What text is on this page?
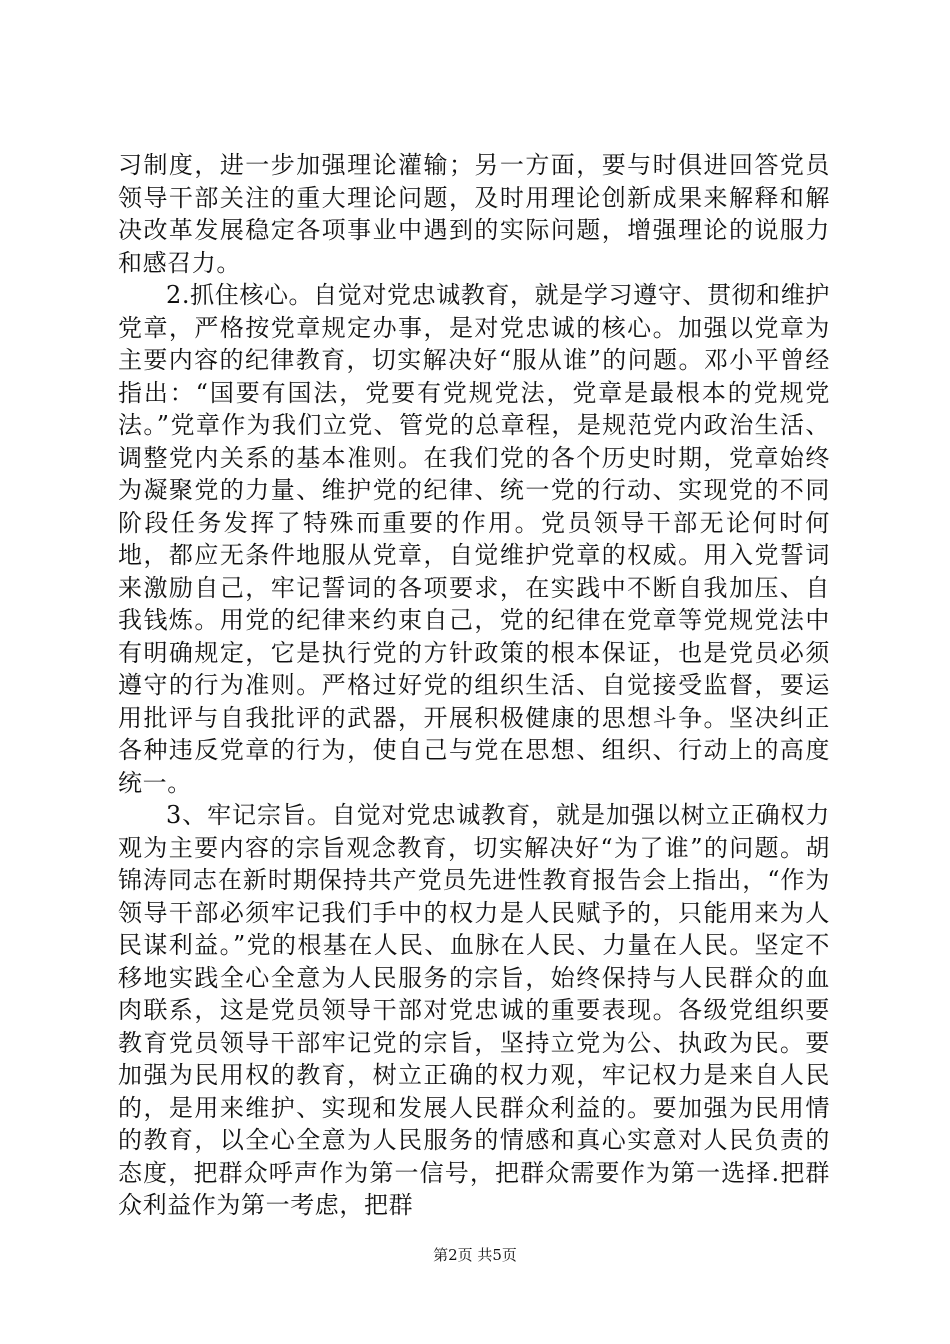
习制度，进一步加强理论灌输；另一方面，要与时俱进回答党员领导干部关注的重大理论问题，及时用理论创新成果来解释和解决改革发展稳定各项事业中遇到的实际问题，增强理论的说服力和感召力。

2.抓住核心。自觉对党忠诚教育，就是学习遵守、贯彻和维护党章，严格按党章规定办事，是对党忠诚的核心。加强以党章为主要内容的纪律教育，切实解决好“服从谁”的问题。邓小平曾经指出：“国要有国法，党要有党规党法，党章是最根本的党规党法。”党章作为我们立党、管党的总章程，是规范党内政治生活、调整党内关系的基本准则。在我们党的各个历史时期，党章始终为凝聚党的力量、维护党的纪律、统一党的行动、实现党的不同阶段任务发挥了特殊而重要的作用。党员领导干部无论何时何地，都应无条件地服从党章，自觉维护党章的权威。用入党誓词来激励自己，牢记誓词的各项要求，在实践中不断自我加压、自我钱炼。用党的纪律来约束自己，党的纪律在党章等党规党法中有明确规定，它是执行党的方针政策的根本保证，也是党员必须遵守的行为准则。严格过好党的组织生活、自觉接受监督，要运用批评与自我批评的武器，开展积极健康的思想斗争。坚决纠正各种违反党章的行为，使自己与党在思想、组织、行动上的高度统一。

3、牢记宗旨。自觉对党忠诚教育，就是加强以树立正确权力观为主要内容的宗旨观念教育，切实解决好“为了谁”的问题。胡锦涛同志在新时期保持共产党员先进性教育报告会上指出，“作为领导干部必须牢记我们手中的权力是人民赋予的，只能用来为人民谋利益。”党的根基在人民、血脉在人民、力量在人民。坚定不移地实践全心全意为人民服务的宗旨，始终保持与人民群众的血肉联系，这是党员领导干部对党忠诚的重要表现。各级党组织要教育党员领导干部牢记党的宗旨，坚持立党为公、执政为民。要加强为民用权的教育，树立正确的权力观，牢记权力是来自人民的，是用来维护、实现和发展人民群众利益的。要加强为民用情的教育，以全心全意为人民服务的情感和真心实意对人民负责的态度，把群众呼声作为第一信号，把群众需要作为第一选择.把群众利益作为第一考虑，把群

第2页 共5页
